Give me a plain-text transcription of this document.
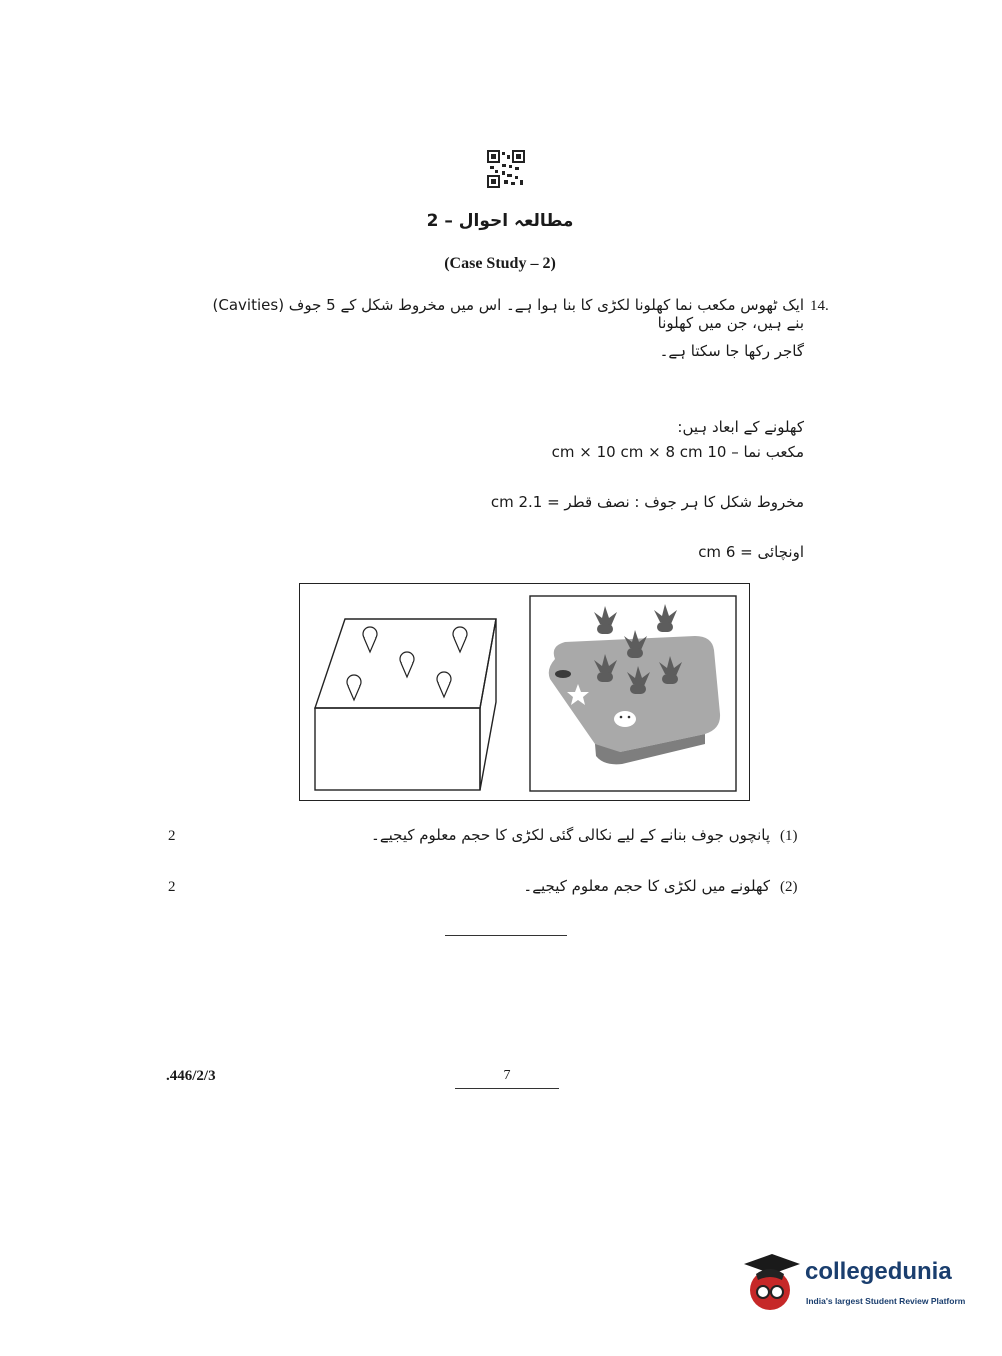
مطالعہ احوال – 2
(Case Study – 2)
14.
ایک ٹھوس مکعب نما کھلونا لکڑی کا بنا ہوا ہے۔ اس میں مخروط شکل کے 5 جوف (Cavities) بنے ہیں، جن میں کھلونا
گاجر رکھا جا سکتا ہے۔
کھلونے کے ابعاد ہیں:
مکعب نما – 10 cm × 10 cm × 8 cm
مخروط شکل کا ہر جوف : نصف قطر = 2.1 cm
اونچائی = 6 cm
(1)
پانچوں جوف بنانے کے لیے نکالی گئی لکڑی کا حجم معلوم کیجیے۔
2
(2)
کھلونے میں لکڑی کا حجم معلوم کیجیے۔
2
.446/2/3	7
collegedunia
India's largest Student Review Platform
